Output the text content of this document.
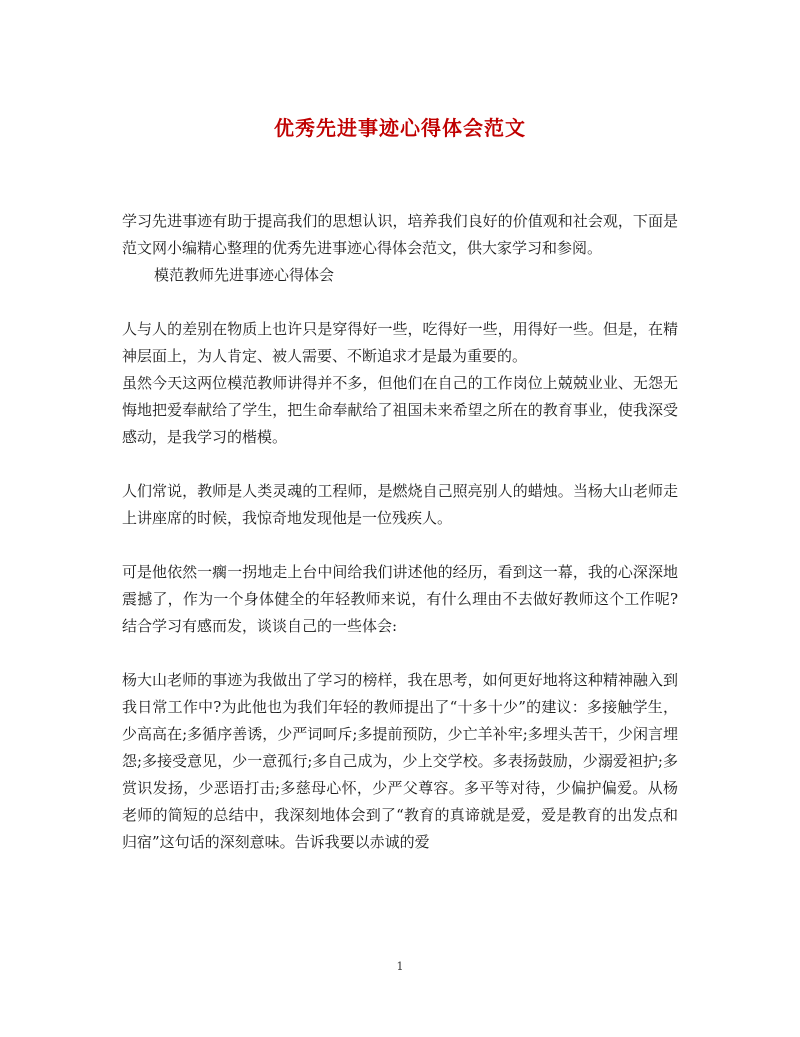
优秀先进事迹心得体会范文

学习先进事迹有助于提高我们的思想认识，培养我们良好的价值观和社会观，下面是范文网小编精心整理的优秀先进事迹心得体会范文，供大家学习和参阅。

模范教师先进事迹心得体会

人与人的差别在物质上也许只是穿得好一些，吃得好一些，用得好一些。但是，在精神层面上，为人肯定、被人需要、不断追求才是最为重要的。

虽然今天这两位模范教师讲得并不多，但他们在自己的工作岗位上兢兢业业、无怨无悔地把爱奉献给了学生，把生命奉献给了祖国未来希望之所在的教育事业，使我深受感动，是我学习的楷模。

人们常说，教师是人类灵魂的工程师，是燃烧自己照亮别人的蜡烛。当杨大山老师走上讲座席的时候，我惊奇地发现他是一位残疾人。

可是他依然一瘸一拐地走上台中间给我们讲述他的经历，看到这一幕，我的心深深地震撼了，作为一个身体健全的年轻教师来说，有什么理由不去做好教师这个工作呢?结合学习有感而发，谈谈自己的一些体会:

杨大山老师的事迹为我做出了学习的榜样，我在思考，如何更好地将这种精神融入到我日常工作中?为此他也为我们年轻的教师提出了“十多十少”的建议：多接触学生，少高高在;多循序善诱，少严词呵斥;多提前预防，少亡羊补牢;多埋头苦干，少闲言埋怨;多接受意见，少一意孤行;多自己成为，少上交学校。多表扬鼓励，少溺爱袒护;多赏识发扬，少恶语打击;多慈母心怀，少严父尊容。多平等对待，少偏护偏爱。从杨老师的简短的总结中，我深刻地体会到了“教育的真谛就是爱，爱是教育的出发点和归宿”这句话的深刻意味。告诉我要以赤诚的爱

1
